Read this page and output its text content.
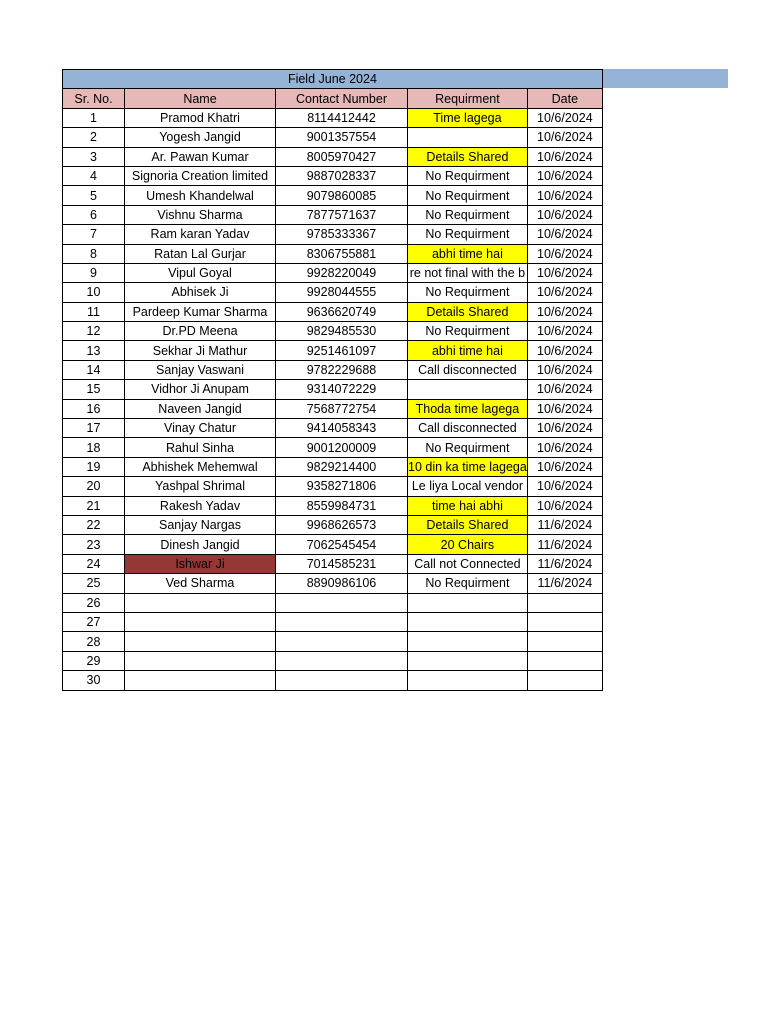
Field June 2024				
Sr. No.	Name	Contact Number	Requirment	Date
1	Pramod Khatri	8114412442	Time lagega	10/6/2024
2	Yogesh Jangid	9001357554		10/6/2024
3	Ar. Pawan Kumar	8005970427	Details Shared	10/6/2024
4	Signoria Creation limited	9887028337	No Requirment	10/6/2024
5	Umesh Khandelwal	9079860085	No Requirment	10/6/2024
6	Vishnu Sharma	7877571637	No Requirment	10/6/2024
7	Ram karan Yadav	9785333367	No Requirment	10/6/2024
8	Ratan Lal Gurjar	8306755881	abhi time hai	10/6/2024
9	Vipul Goyal	9928220049	re not final with the b	10/6/2024
10	Abhisek Ji	9928044555	No Requirment	10/6/2024
11	Pardeep Kumar Sharma	9636620749	Details Shared	10/6/2024
12	Dr.PD Meena	9829485530	No Requirment	10/6/2024
13	Sekhar Ji Mathur	9251461097	abhi time hai	10/6/2024
14	Sanjay Vaswani	9782229688	Call disconnected	10/6/2024
15	Vidhor Ji Anupam	9314072229		10/6/2024
16	Naveen Jangid	7568772754	Thoda time lagega	10/6/2024
17	Vinay Chatur	9414058343	Call disconnected	10/6/2024
18	Rahul Sinha	9001200009	No Requirment	10/6/2024
19	Abhishek Mehemwal	9829214400	10 din ka time lagega	10/6/2024
20	Yashpal Shrimal	9358271806	Le liya Local vendor	10/6/2024
21	Rakesh Yadav	8559984731	time hai abhi	10/6/2024
22	Sanjay Nargas	9968626573	Details Shared	11/6/2024
23	Dinesh Jangid	7062545454	20 Chairs	11/6/2024
24	Ishwar Ji	7014585231	Call not Connected	11/6/2024
25	Ved Sharma	8890986106	No Requirment	11/6/2024
26				
27				
28				
29				
30				
